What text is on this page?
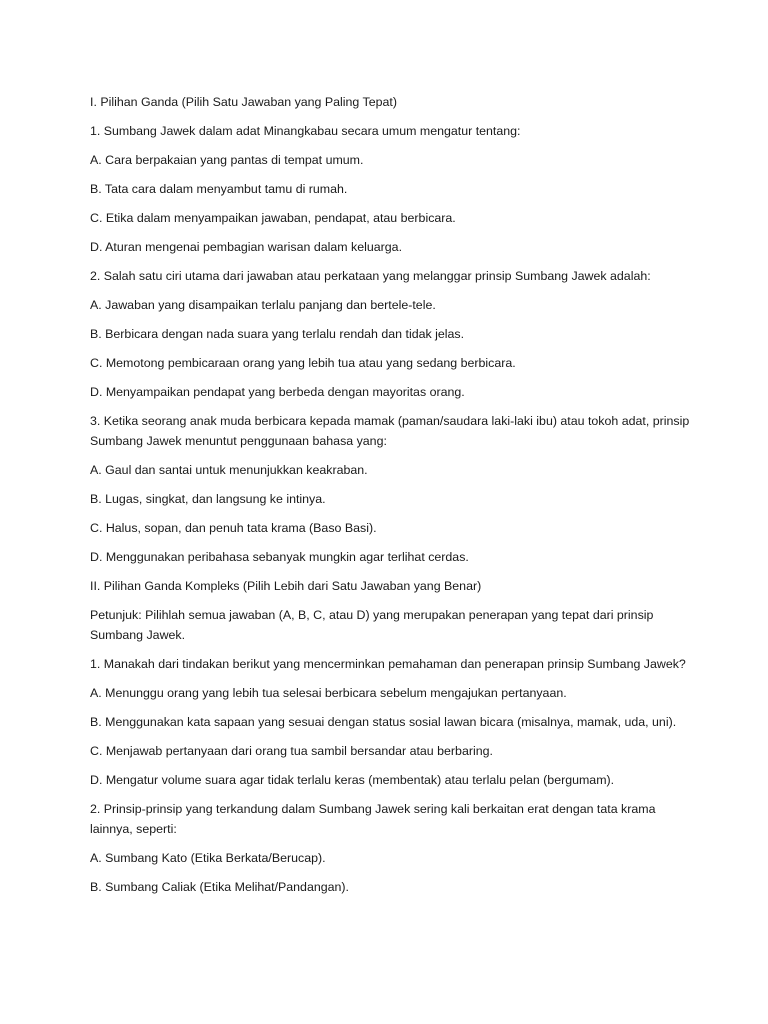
I. Pilihan Ganda (Pilih Satu Jawaban yang Paling Tepat)

1. Sumbang Jawek dalam adat Minangkabau secara umum mengatur tentang:

A. Cara berpakaian yang pantas di tempat umum.

B. Tata cara dalam menyambut tamu di rumah.

C. Etika dalam menyampaikan jawaban, pendapat, atau berbicara.

D. Aturan mengenai pembagian warisan dalam keluarga.

2. Salah satu ciri utama dari jawaban atau perkataan yang melanggar prinsip Sumbang Jawek adalah:

A. Jawaban yang disampaikan terlalu panjang dan bertele-tele.

B. Berbicara dengan nada suara yang terlalu rendah dan tidak jelas.

C. Memotong pembicaraan orang yang lebih tua atau yang sedang berbicara.

D. Menyampaikan pendapat yang berbeda dengan mayoritas orang.

3. Ketika seorang anak muda berbicara kepada mamak (paman/saudara laki-laki ibu) atau tokoh adat, prinsip Sumbang Jawek menuntut penggunaan bahasa yang:

A. Gaul dan santai untuk menunjukkan keakraban.

B. Lugas, singkat, dan langsung ke intinya.

C. Halus, sopan, dan penuh tata krama (Baso Basi).

D. Menggunakan peribahasa sebanyak mungkin agar terlihat cerdas.

II. Pilihan Ganda Kompleks (Pilih Lebih dari Satu Jawaban yang Benar)

Petunjuk: Pilihlah semua jawaban (A, B, C, atau D) yang merupakan penerapan yang tepat dari prinsip Sumbang Jawek.

1. Manakah dari tindakan berikut yang mencerminkan pemahaman dan penerapan prinsip Sumbang Jawek?

A. Menunggu orang yang lebih tua selesai berbicara sebelum mengajukan pertanyaan.

B. Menggunakan kata sapaan yang sesuai dengan status sosial lawan bicara (misalnya, mamak, uda, uni).

C. Menjawab pertanyaan dari orang tua sambil bersandar atau berbaring.

D. Mengatur volume suara agar tidak terlalu keras (membentak) atau terlalu pelan (bergumam).

2. Prinsip-prinsip yang terkandung dalam Sumbang Jawek sering kali berkaitan erat dengan tata krama lainnya, seperti:

A. Sumbang Kato (Etika Berkata/Berucap).

B. Sumbang Caliak (Etika Melihat/Pandangan).
